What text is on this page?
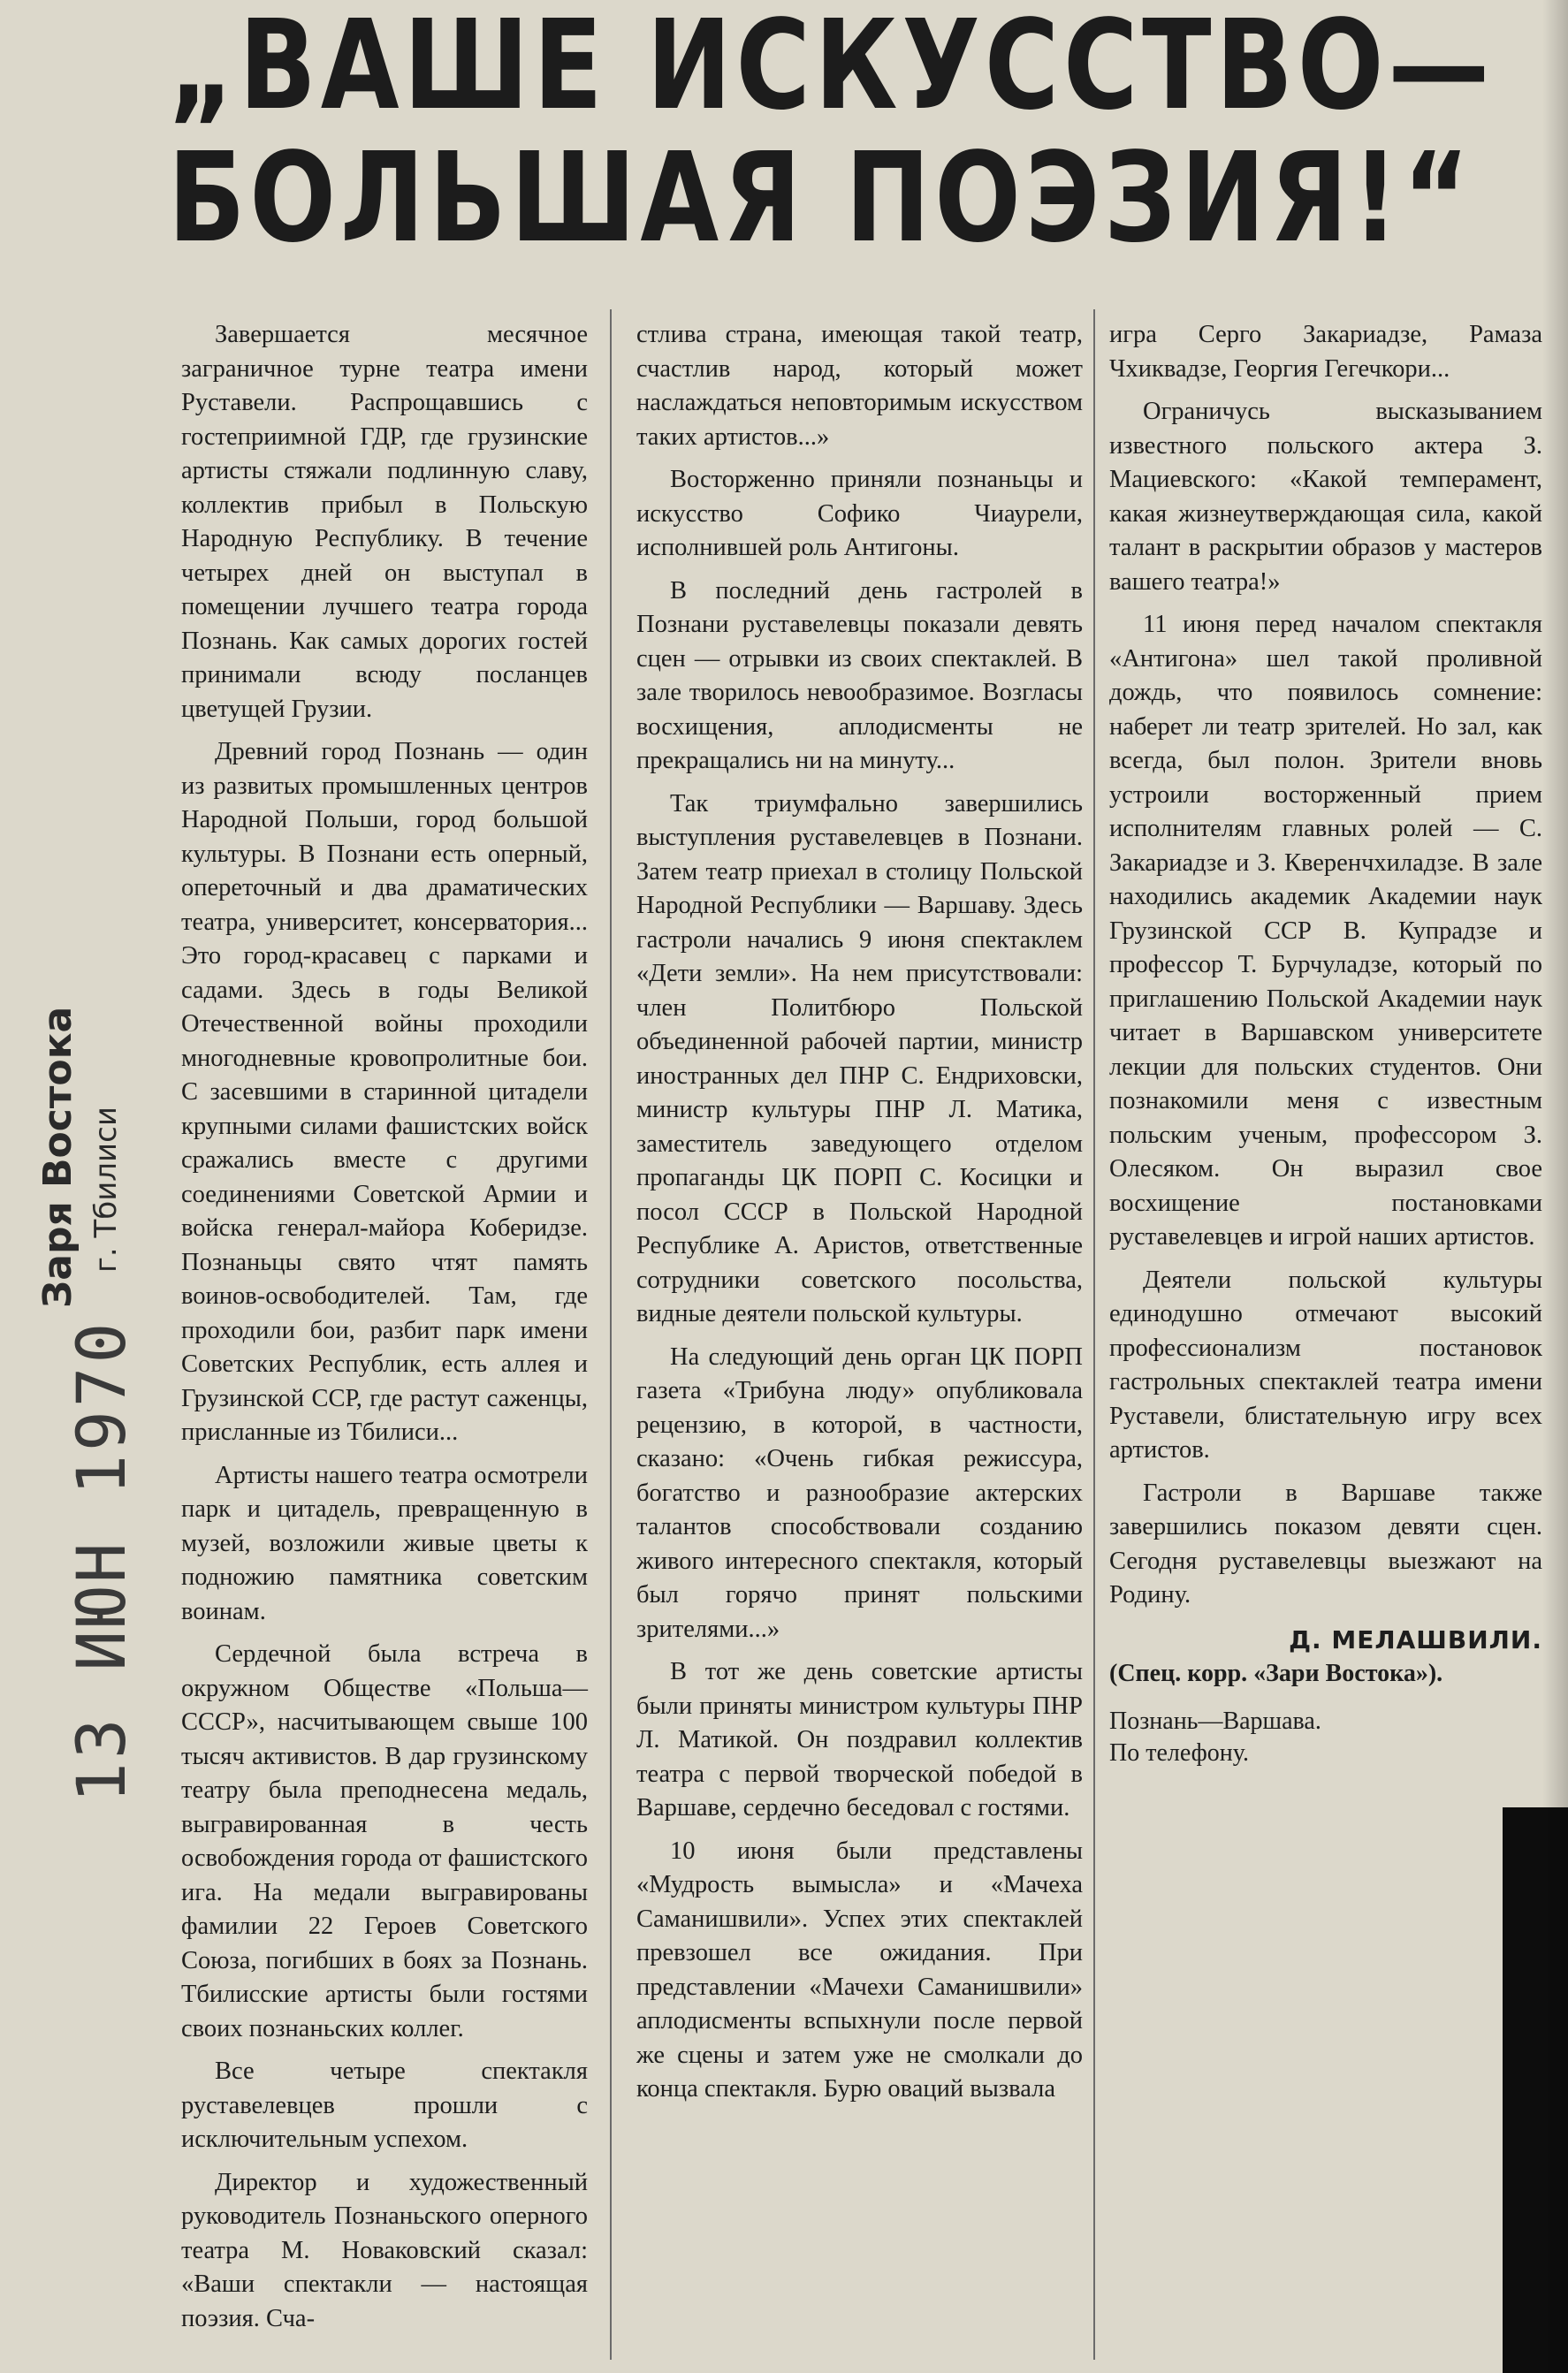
„ВАШЕ ИСКУССТВО—
БОЛЬШАЯ ПОЭЗИЯ!“
Заря Востока г. Тбилиси
13 ИЮН 1970

Завершается месячное заграничное турне театра имени Руставели. Распрощавшись с гостеприимной ГДР, где грузинские артисты стяжали подлинную славу, коллектив прибыл в Польскую Народную Республику. В течение четырех дней он выступал в помещении лучшего театра города Познань. Как самых дорогих гостей принимали всюду посланцев цветущей Грузии.

Древний город Познань — один из развитых промышленных центров Народной Польши, город большой культуры. В Познани есть оперный, опереточный и два драматических театра, университет, консерватория... Это город-красавец с парками и садами. Здесь в годы Великой Отечественной войны проходили многодневные кровопролитные бои. С засевшими в старинной цитадели крупными силами фашистских войск сражались вместе с другими соединениями Советской Армии и войска генерал-майора Коберидзе. Познаньцы свято чтят память воинов-освободителей. Там, где проходили бои, разбит парк имени Советских Республик, есть аллея и Грузинской ССР, где растут саженцы, присланные из Тбилиси...

Артисты нашего театра осмотрели парк и цитадель, превращенную в музей, возложили живые цветы к подножию памятника советским воинам.

Сердечной была встреча в окружном Обществе «Польша—СССР», насчитывающем свыше 100 тысяч активистов. В дар грузинскому театру была преподнесена медаль, выгравированная в честь освобождения города от фашистского ига. На медали выгравированы фамилии 22 Героев Советского Союза, погибших в боях за Познань. Тбилисские артисты были гостями своих познаньских коллег.

Все четыре спектакля руставелевцев прошли с исключительным успехом.

Директор и художественный руководитель Познаньского оперного театра М. Новаковский сказал: «Ваши спектакли — настоящая поэзия. Сча-

стлива страна, имеющая такой театр, счастлив народ, который может наслаждаться неповторимым искусством таких артистов...»

Восторженно приняли познаньцы и искусство Софико Чиаурели, исполнившей роль Антигоны.

В последний день гастролей в Познани руставелевцы показали девять сцен — отрывки из своих спектаклей. В зале творилось невообразимое. Возгласы восхищения, аплодисменты не прекращались ни на минуту...

Так триумфально завершились выступления руставелевцев в Познани. Затем театр приехал в столицу Польской Народной Республики — Варшаву. Здесь гастроли начались 9 июня спектаклем «Дети земли». На нем присутствовали: член Политбюро Польской объединенной рабочей партии, министр иностранных дел ПНР С. Ендриховски, министр культуры ПНР Л. Матика, заместитель заведующего отделом пропаганды ЦК ПОРП С. Косицки и посол СССР в Польской Народной Республике А. Аристов, ответственные сотрудники советского посольства, видные деятели польской культуры.

На следующий день орган ЦК ПОРП газета «Трибуна люду» опубликовала рецензию, в которой, в частности, сказано: «Очень гибкая режиссура, богатство и разнообразие актерских талантов способствовали созданию живого интересного спектакля, который был горячо принят польскими зрителями...»

В тот же день советские артисты были приняты министром культуры ПНР Л. Матикой. Он поздравил коллектив театра с первой творческой победой в Варшаве, сердечно беседовал с гостями.

10 июня были представлены «Мудрость вымысла» и «Мачеха Саманишвили». Успех этих спектаклей превзошел все ожидания. При представлении «Мачехи Саманишвили» аплодисменты вспыхнули после первой же сцены и затем уже не смолкали до конца спектакля. Бурю оваций вызвала

игра Серго Закариадзе, Рамаза Чхиквадзе, Георгия Гегечкори...

Ограничусь высказыванием известного польского актера З. Мациевского: «Какой темперамент, какая жизнеутверждающая сила, какой талант в раскрытии образов у мастеров вашего театра!»

11 июня перед началом спектакля «Антигона» шел такой проливной дождь, что появилось сомнение: наберет ли театр зрителей. Но зал, как всегда, был полон. Зрители вновь устроили восторженный прием исполнителям главных ролей — С. Закариадзе и З. Кверенчхиладзе. В зале находились академик Академии наук Грузинской ССР В. Купрадзе и профессор Т. Бурчуладзе, который по приглашению Польской Академии наук читает в Варшавском университете лекции для польских студентов. Они познакомили меня с известным польским ученым, профессором З. Олесяком. Он выразил свое восхищение постановками руставелевцев и игрой наших артистов.

Деятели польской культуры единодушно отмечают высокий профессионализм постановок гастрольных спектаклей театра имени Руставели, блистательную игру всех артистов.

Гастроли в Варшаве также завершились показом девяти сцен. Сегодня руставелевцы выезжают на Родину.

Д. МЕЛАШВИЛИ.

(Спец. корр. «Зари Востока»).

Познань—Варшава.
По телефону.
